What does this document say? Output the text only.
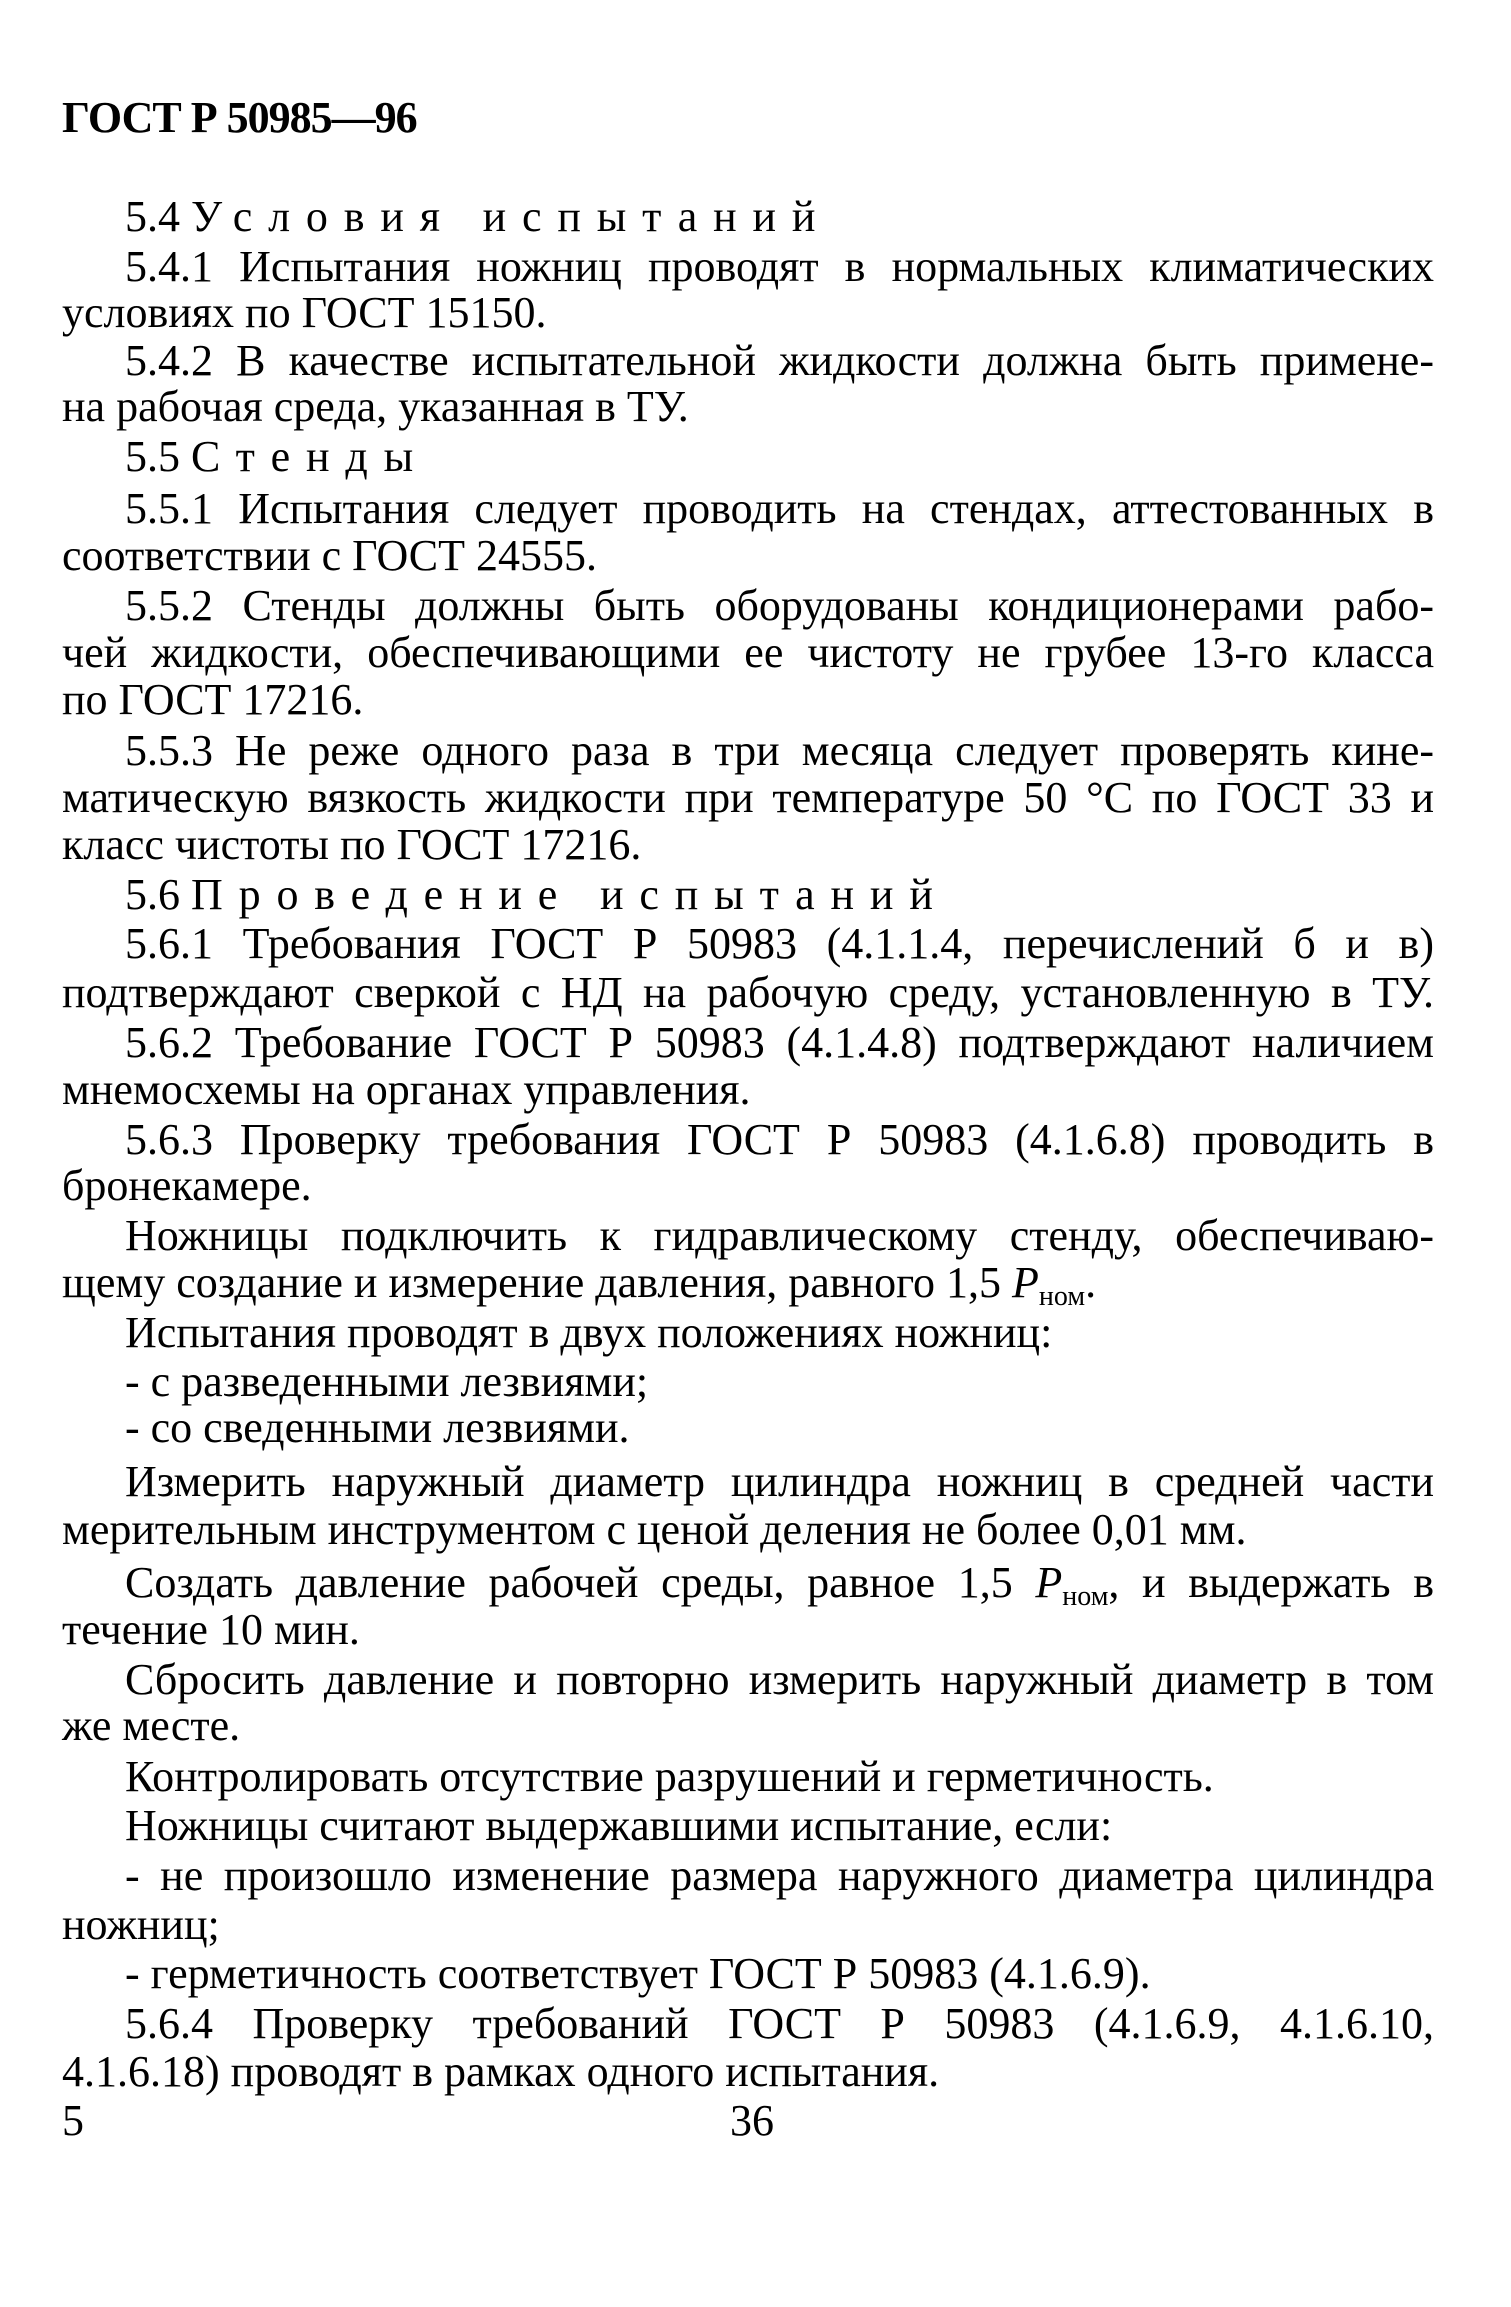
ГОСТ Р 50985—96
5.4 Условия испытаний
5.4.1 Испытания ножниц проводят в нормальных климатических
условиях по ГОСТ 15150.
5.4.2 В качестве испытательной жидкости должна быть примене-
на рабочая среда, указанная в ТУ.
5.5 Стенды
5.5.1 Испытания следует проводить на стендах, аттестованных в
соответствии с ГОСТ 24555.
5.5.2 Стенды должны быть оборудованы кондиционерами рабо-
чей жидкости, обеспечивающими ее чистоту не грубее 13-го класса
по ГОСТ 17216.
5.5.3 Не реже одного раза в три месяца следует проверять кине-
матическую вязкость жидкости при температуре 50 °С по ГОСТ 33 и
класс чистоты по ГОСТ 17216.
5.6 Проведение испытаний
5.6.1 Требования ГОСТ Р 50983 (4.1.1.4, перечислений б и в)
подтверждают сверкой с НД на рабочую среду, установленную в ТУ.
5.6.2 Требование ГОСТ Р 50983 (4.1.4.8) подтверждают наличием
мнемосхемы на органах управления.
5.6.3 Проверку требования ГОСТ Р 50983 (4.1.6.8) проводить в
бронекамере.
Ножницы подключить к гидравлическому стенду, обеспечиваю-
щему создание и измерение давления, равного 1,5 $P_{ном}$.
Испытания проводят в двух положениях ножниц:
- с разведенными лезвиями;
- со сведенными лезвиями.
Измерить наружный диаметр цилиндра ножниц в средней части
мерительным инструментом с ценой деления не более 0,01 мм.
Создать давление рабочей среды, равное 1,5 $P_{ном}$, и выдержать в
течение 10 мин.
Сбросить давление и повторно измерить наружный диаметр в том
же месте.
Контролировать отсутствие разрушений и герметичность.
Ножницы считают выдержавшими испытание, если:
- не произошло изменение размера наружного диаметра цилиндра
ножниц;
- герметичность соответствует ГОСТ Р 50983 (4.1.6.9).
5.6.4 Проверку требований ГОСТ Р 50983 (4.1.6.9, 4.1.6.10,
4.1.6.18) проводят в рамках одного испытания.
5	36
